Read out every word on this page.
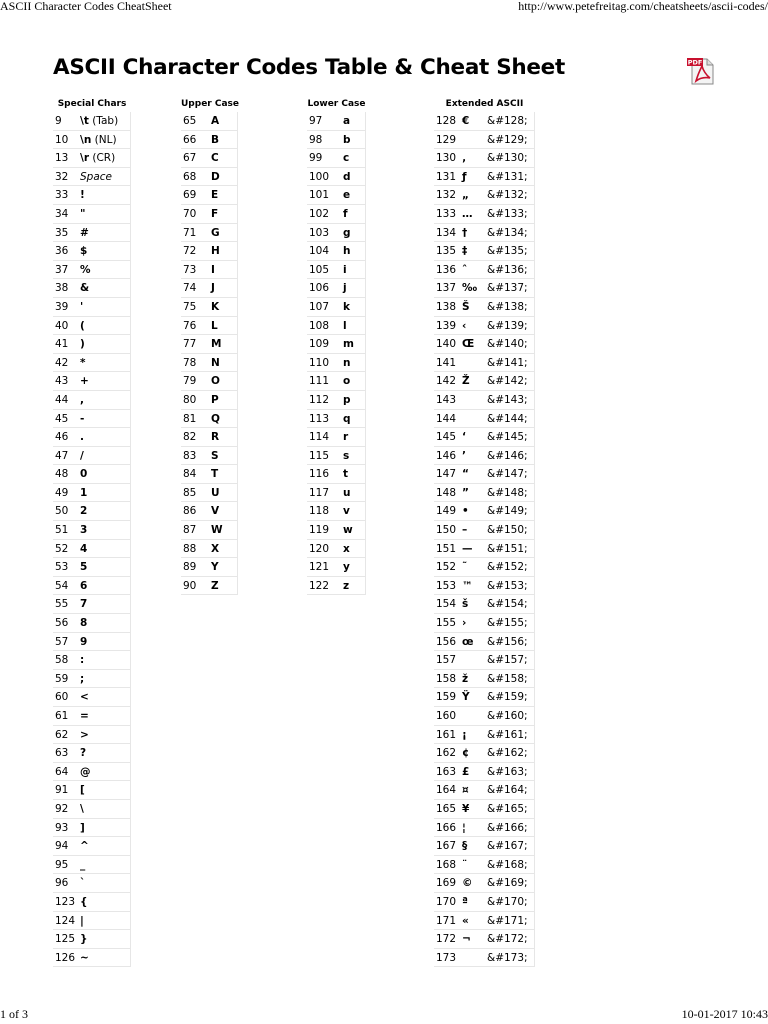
ASCII Character Codes CheatSheet	http://www.petefreitag.com/cheatsheets/ascii-codes/
ASCII Character Codes Table & Cheat Sheet	PDF
Special Chars
9	\t (Tab)
10	\n (NL)
13	\r (CR)
32	Space
33	!
34	"
35	#
36	$
37	%
38	&
39	'
40	(
41	)
42	*
43	+
44	,
45	-
46	.
47	/
48	0
49	1
50	2
51	3
52	4
53	5
54	6
55	7
56	8
57	9
58	:
59	;
60	<
61	=
62	>
63	?
64	@
91	[
92	\
93	]
94	^
95	_
96	`
123 {
124 |
125 }
126 ~
Upper Case
65	A
66	B
67	C
68	D
69	E
70	F
71	G
72	H
73	I
74	J
75	K
76	L
77	M
78	N
79	O
80	P
81	Q
82	R
83	S
84	T
85	U
86	V
87	W
88	X
89	Y
90	Z
Lower Case
97	a
98	b
99	c
100	d
101	e
102	f
103	g
104	h
105	i
106	j
107	k
108	l
109	m
110	n
111	o
112	p
113	q
114	r
115	s
116	t
117	u
118	v
119	w
120	x
121	y
122	z
Extended ASCII
128 €	&#128;
129	&#129;
130 ‚	&#130;
131 ƒ	&#131;
132 „	&#132;
133 …	&#133;
134 †	&#134;
135 ‡	&#135;
136 ˆ	&#136;
137 ‰ &#137;
138 Š	&#138;
139 ‹	&#139;
140 Œ	&#140;
141	&#141;
142 Ž	&#142;
143	&#143;
144	&#144;
145 ‘	&#145;
146 ’	&#146;
147 “	&#147;
148 ”	&#148;
149 •	&#149;
150 –	&#150;
151 —	&#151;
152 ˜	&#152;
153 ™	&#153;
154 š	&#154;
155 ›	&#155;
156 œ	&#156;
157	&#157;
158 ž	&#158;
159 Ÿ	&#159;
160	&#160;
161 ¡	&#161;
162 ¢	&#162;
163 £	&#163;
164 ¤	&#164;
165 ¥	&#165;
166 ¦	&#166;
167 §	&#167;
168 ¨	&#168;
169 ©	&#169;
170 ª	&#170;
171 «	&#171;
172 ¬	&#172;
173	&#173;
1 of 3	10-01-2017 10:43
